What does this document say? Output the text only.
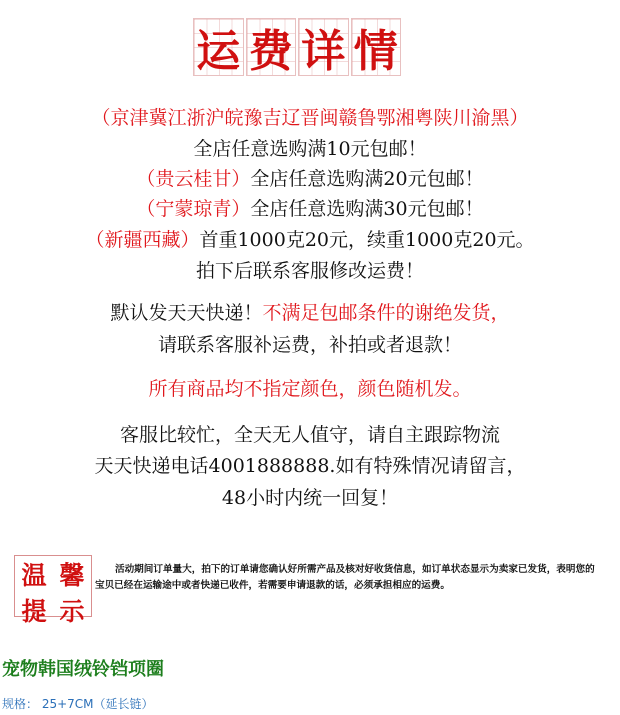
运 费 详 情
（京津冀江浙沪皖豫吉辽晋闽赣鲁鄂湘粤陕川渝黑）
全店任意选购满10元包邮！
（贵云桂甘）全店任意选购满20元包邮！
（宁蒙琼青）全店任意选购满30元包邮！
（新疆西藏）首重1000克20元，续重1000克20元。
拍下后联系客服修改运费！
默认发天天快递！不满足包邮条件的谢绝发货，
请联系客服补运费，补拍或者退款！
所有商品均不指定颜色，颜色随机发。
客服比较忙，全天无人值守，请自主跟踪物流
天天快递电话4001888888.如有特殊情况请留言，
48小时内统一回复！
温 馨
提 示
活动期间订单量大，拍下的订单请您确认好所需产品及核对好收货信息，如订单状态显示为卖家已发货，表明您的宝贝已经在运输途中或者快递已收件，若需要申请退款的话，必须承担相应的运费。
宠物韩国绒铃铛项圈
规格： 25+7CM（延长链）
